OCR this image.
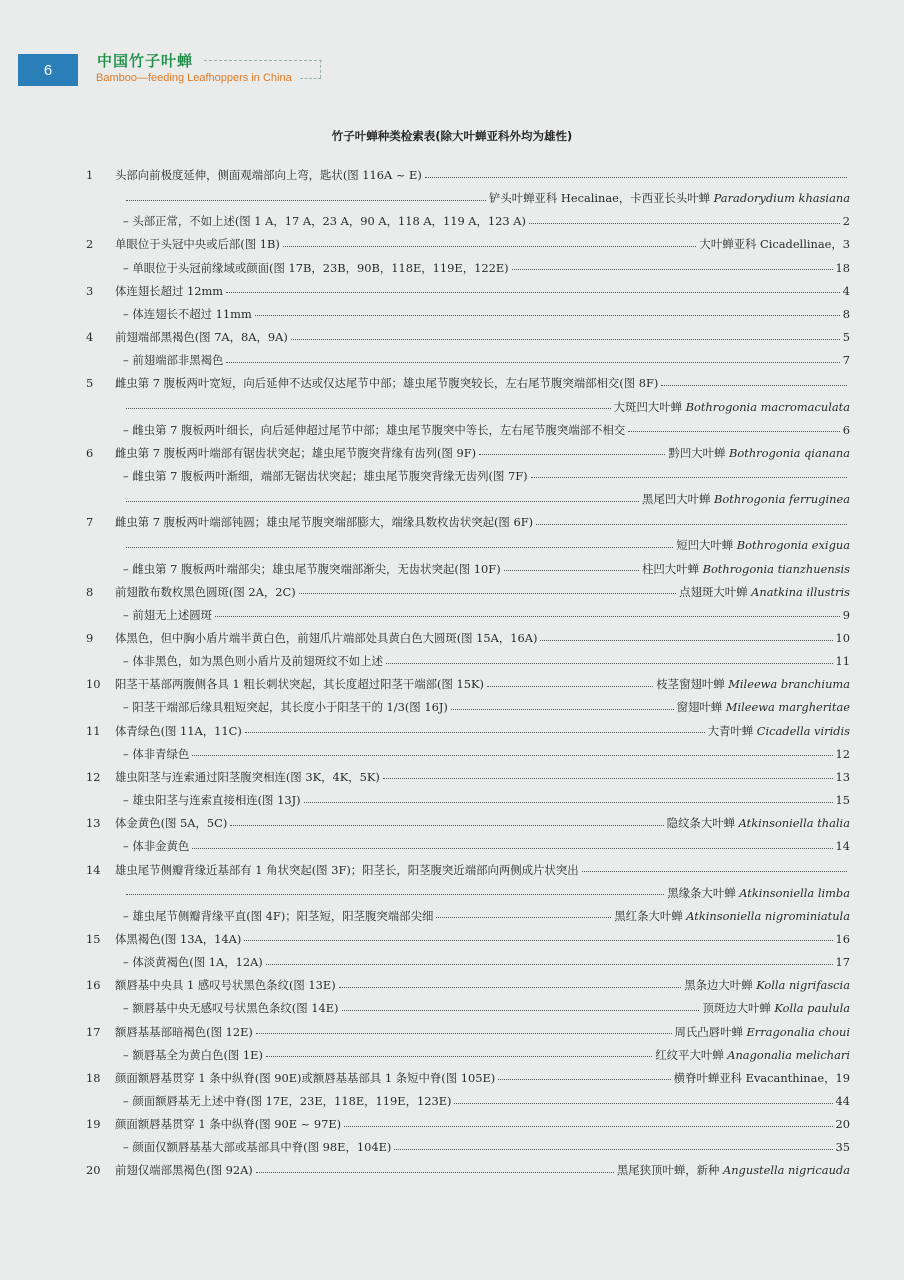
6	中国竹子叶蝉
Bamboo—feeding Leafhoppers in China
竹子叶蝉种类检索表(除大叶蝉亚科外均为雄性)
1	头部向前极度延伸，侧面观端部向上弯，匙状(图 116A ~ E)
铲头叶蝉亚科 Hecalinae，卡西亚长头叶蝉 Paradorydium khasiana
– 头部正常，不如上述(图 1 A，17 A，23 A，90 A，118 A，119 A，123 A)	2
2	单眼位于头冠中央或后部(图 1B)	大叶蝉亚科 Cicadellinae，3
– 单眼位于头冠前缘域或颜面(图 17B，23B，90B，118E，119E，122E)	18
3	体连翅长超过 12mm	4
– 体连翅长不超过 11mm	8
4	前翅端部黑褐色(图 7A，8A，9A)	5
– 前翅端部非黑褐色	7
5	雌虫第 7 腹板两叶宽短，向后延伸不达或仅达尾节中部；雄虫尾节腹突较长，左右尾节腹突端部相交(图 8F)
大斑凹大叶蝉 Bothrogonia macromaculata
– 雌虫第 7 腹板两叶细长，向后延伸超过尾节中部；雄虫尾节腹突中等长，左右尾节腹突端部不相交	6
6	雌虫第 7 腹板两叶端部有锯齿状突起；雄虫尾节腹突背缘有齿列(图 9F)	黔凹大叶蝉 Bothrogonia qianana
– 雌虫第 7 腹板两叶渐细，端部无锯齿状突起；雄虫尾节腹突背缘无齿列(图 7F)
黑尾凹大叶蝉 Bothrogonia ferruginea
7	雌虫第 7 腹板两叶端部钝圆；雄虫尾节腹突端部膨大，端缘具数枚齿状突起(图 6F)
短凹大叶蝉 Bothrogonia exigua
– 雌虫第 7 腹板两叶端部尖；雄虫尾节腹突端部渐尖，无齿状突起(图 10F)	柱凹大叶蝉 Bothrogonia tianzhuensis
8	前翅散布数枚黑色圆斑(图 2A，2C)	点翅斑大叶蝉 Anatkina illustris
– 前翅无上述圆斑	9
9	体黑色，但中胸小盾片端半黄白色，前翅爪片端部处具黄白色大圆斑(图 15A，16A)	10
– 体非黑色，如为黑色则小盾片及前翅斑纹不如上述	11
10	阳茎干基部两腹侧各具 1 粗长刺状突起，其长度超过阳茎干端部(图 15K)	枝茎窗翅叶蝉 Mileewa branchiuma
– 阳茎干端部后缘具粗短突起，其长度小于阳茎干的 1/3(图 16J)	窗翅叶蝉 Mileewa margheritae
11	体青绿色(图 11A，11C)	大青叶蝉 Cicadella viridis
– 体非青绿色	12
12	雄虫阳茎与连索通过阳茎腹突相连(图 3K，4K，5K)	13
– 雄虫阳茎与连索直接相连(图 13J)	15
13	体金黄色(图 5A，5C)	隐纹条大叶蝉 Atkinsoniella thalia
– 体非金黄色	14
14	雄虫尾节侧瓣背缘近基部有 1 角状突起(图 3F)；阳茎长，阳茎腹突近端部向两侧成片状突出
黑缘条大叶蝉 Atkinsoniella limba
– 雄虫尾节侧瓣背缘平直(图 4F)；阳茎短，阳茎腹突端部尖细	黑红条大叶蝉 Atkinsoniella nigrominiatula
15	体黑褐色(图 13A，14A)	16
– 体淡黄褐色(图 1A，12A)	17
16	额唇基中央具 1 感叹号状黑色条纹(图 13E)	黑条边大叶蝉 Kolla nigrifascia
– 额唇基中央无感叹号状黑色条纹(图 14E)	顶斑边大叶蝉 Kolla paulula
17	额唇基基部暗褐色(图 12E)	周氏凸唇叶蝉 Erragonalia choui
– 额唇基全为黄白色(图 1E)	红纹平大叶蝉 Anagonalia melichari
18	颜面额唇基贯穿 1 条中纵脊(图 90E)或额唇基基部具 1 条短中脊(图 105E)	横脊叶蝉亚科 Evacanthinae，19
– 颜面额唇基无上述中脊(图 17E，23E，118E，119E，123E)	44
19	颜面额唇基贯穿 1 条中纵脊(图 90E ~ 97E)	20
– 颜面仅额唇基基大部或基部具中脊(图 98E，104E)	35
20	前翅仅端部黑褐色(图 92A)	黑尾狭顶叶蝉，新种 Angustella nigricauda
